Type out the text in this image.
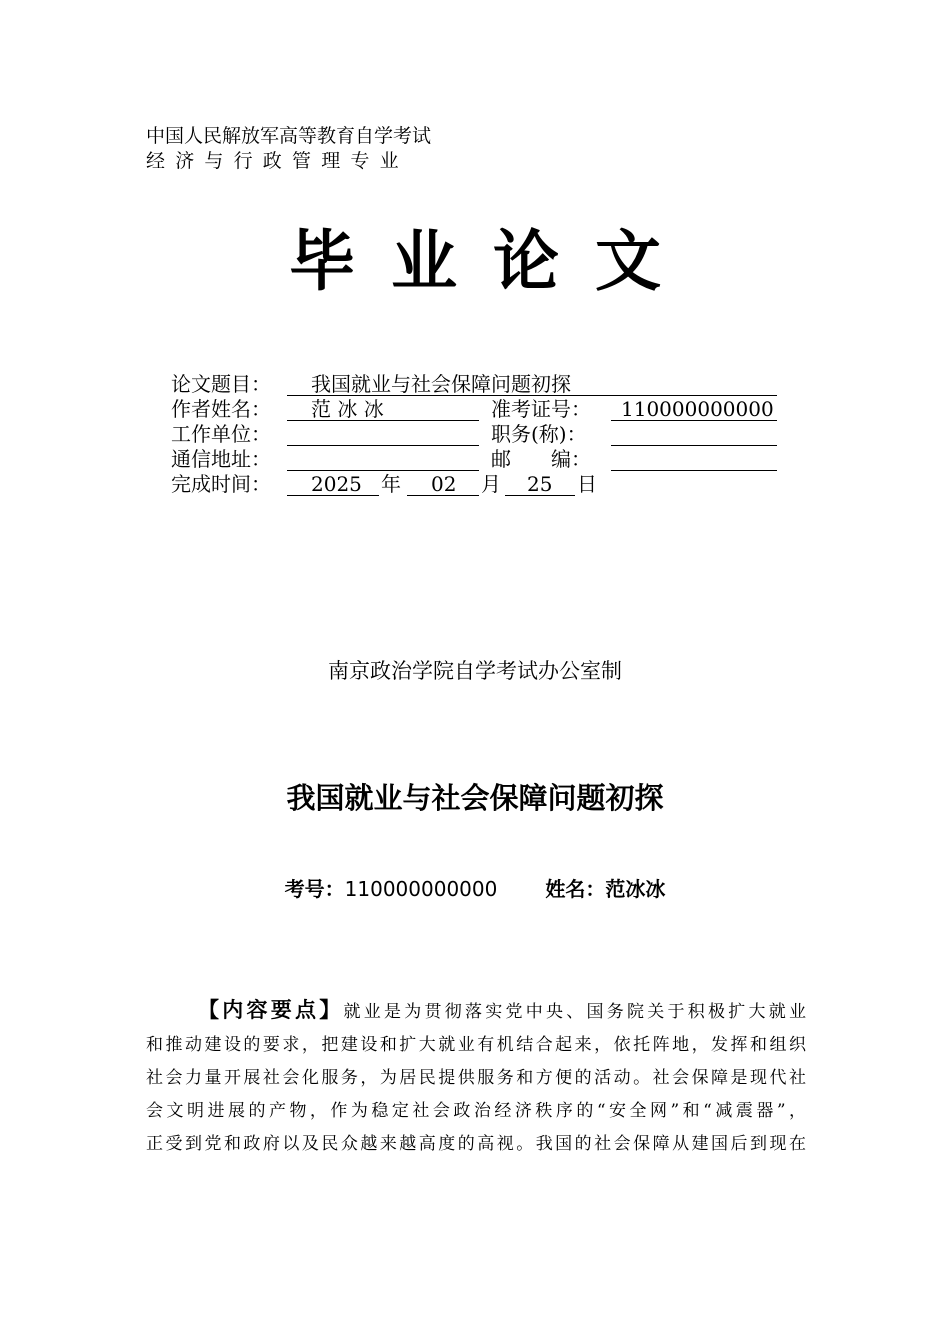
中国人民解放军高等教育自学考试
经济与行政管理专业
毕业论文
论文题目： 我国就业与社会保障问题初探
作者姓名： 范 冰 冰	准考证号： 110000000000
工作单位：	职务(称)：
通信地址：	邮　　编：
完成时间： 2025 年 02 月 25 日
南京政治学院自学考试办公室制
我国就业与社会保障问题初探
考号：110000000000 姓名：范冰冰
【内容要点】就业是为贯彻落实党中央、国务院关于积极扩大就业
和推动建设的要求，把建设和扩大就业有机结合起来，依托阵地，发挥和组织
社会力量开展社会化服务，为居民提供服务和方便的活动。社会保障是现代社
会文明进展的产物，作为稳定社会政治经济秩序的“安全网”和“减震器”，
正受到党和政府以及民众越来越高度的高视。我国的社会保障从建国后到现在
